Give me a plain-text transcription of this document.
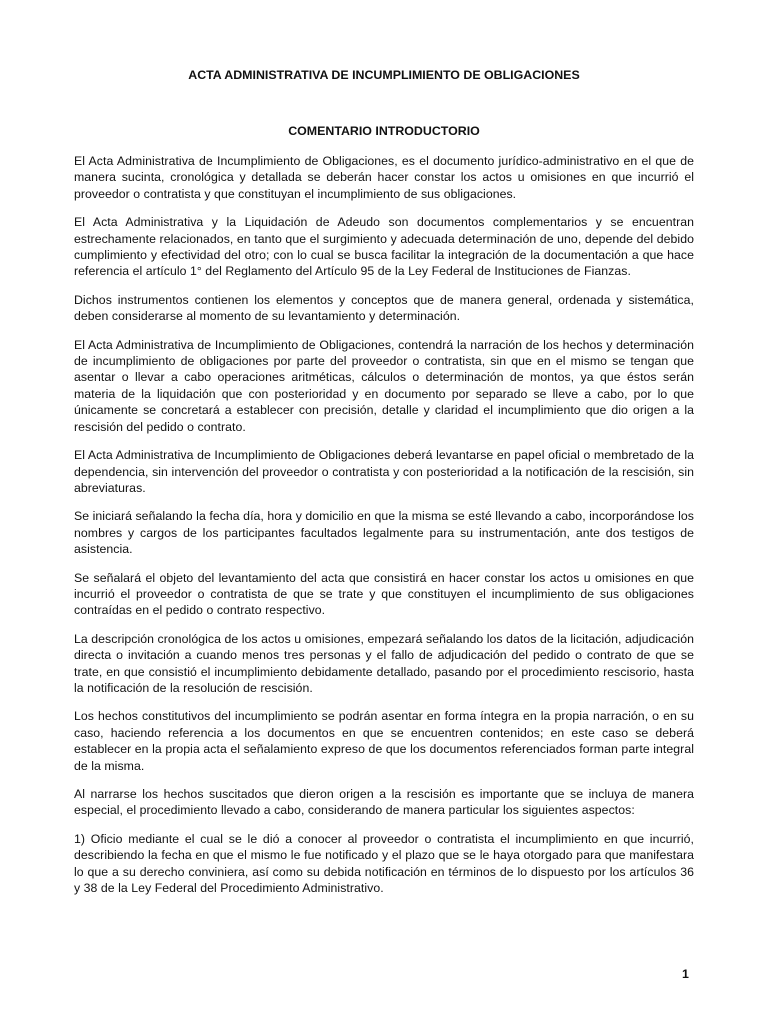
ACTA ADMINISTRATIVA DE INCUMPLIMIENTO DE OBLIGACIONES
COMENTARIO INTRODUCTORIO

El Acta Administrativa de Incumplimiento de Obligaciones, es el documento jurídico-administrativo en el que de manera sucinta, cronológica y detallada se deberán hacer constar los actos u omisiones en que incurrió el proveedor o contratista y que constituyan el incumplimiento de sus obligaciones.

El Acta Administrativa y la Liquidación de Adeudo son documentos complementarios y se encuentran estrechamente relacionados, en tanto que el surgimiento y adecuada determinación de uno, depende del debido cumplimiento y efectividad del otro; con lo cual se busca facilitar la integración de la documentación a que hace referencia el artículo 1° del Reglamento del Artículo 95 de la Ley Federal de Instituciones de Fianzas.

Dichos instrumentos contienen los elementos y conceptos que de manera general, ordenada y sistemática, deben considerarse al momento de su levantamiento y determinación.

El Acta Administrativa de Incumplimiento de Obligaciones, contendrá la narración de los hechos y determinación de incumplimiento de obligaciones por parte del proveedor o contratista, sin que en el mismo se tengan que asentar o llevar a cabo operaciones aritméticas, cálculos o determinación de montos, ya que éstos serán materia de la liquidación que con posterioridad y en documento por separado se lleve a cabo, por lo que únicamente se concretará a establecer con precisión, detalle y claridad el incumplimiento que dio origen a la rescisión del pedido o contrato.

El Acta Administrativa de Incumplimiento de Obligaciones deberá levantarse en papel oficial o membretado de la dependencia, sin intervención del proveedor o contratista y con posterioridad a la notificación de la rescisión, sin abreviaturas.

Se iniciará señalando la fecha día, hora y domicilio en que la misma se esté llevando a cabo, incorporándose los nombres y cargos de los participantes facultados legalmente para su instrumentación, ante dos testigos de asistencia.

Se señalará el objeto del levantamiento del acta que consistirá en hacer constar los actos u omisiones en que incurrió el proveedor o contratista de que se trate y que constituyen el incumplimiento de sus obligaciones contraídas en el pedido o contrato respectivo.

La descripción cronológica de los actos u omisiones, empezará señalando los datos de la licitación, adjudicación directa o invitación a cuando menos tres personas y el fallo de adjudicación del pedido o contrato de que se trate, en que consistió el incumplimiento debidamente detallado, pasando por el procedimiento rescisorio, hasta la notificación de la resolución de rescisión.

Los hechos constitutivos del incumplimiento se podrán asentar en forma íntegra en la propia narración, o en su caso, haciendo referencia a los documentos en que se encuentren contenidos; en este caso se deberá establecer en la propia acta el señalamiento expreso de que los documentos referenciados forman parte integral de la misma.

Al narrarse los hechos suscitados que dieron origen a la rescisión es importante que se incluya de manera especial, el procedimiento llevado a cabo, considerando de manera particular los siguientes aspectos:

1) Oficio mediante el cual se le dió a conocer al proveedor o contratista el incumplimiento en que incurrió, describiendo la fecha en que el mismo le fue notificado y el plazo que se le haya otorgado para que manifestara lo que a su derecho conviniera, así como su debida notificación en términos de lo dispuesto por los artículos 36 y 38 de la Ley Federal del Procedimiento Administrativo.

1
